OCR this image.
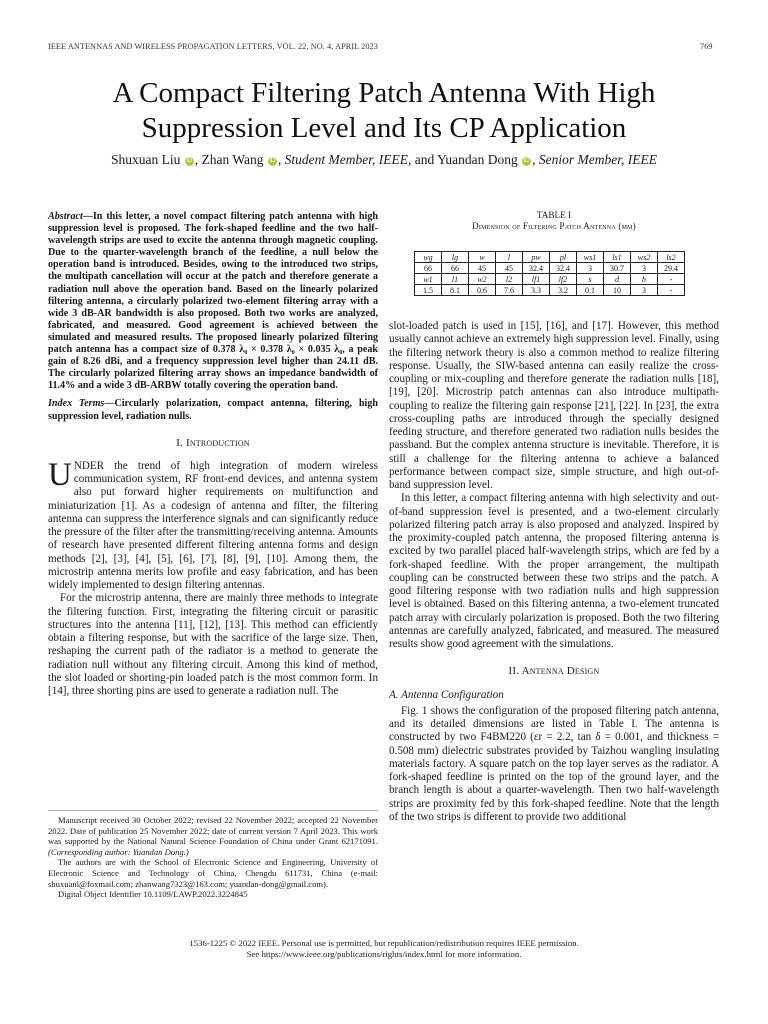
IEEE ANTENNAS AND WIRELESS PROPAGATION LETTERS, VOL. 22, NO. 4, APRIL 2023	769
A Compact Filtering Patch Antenna With High Suppression Level and Its CP Application
Shuxuan Liu iD , Zhan Wang iD , Student Member, IEEE, and Yuandan Dong iD , Senior Member, IEEE
Abstract—In this letter, a novel compact filtering patch antenna with high suppression level is proposed. The fork-shaped feedline and the two half-wavelength strips are used to excite the antenna through magnetic coupling. Due to the quarter-wavelength branch of the feedline, a null below the operation band is introduced. Besides, owing to the introduced two strips, the multipath cancellation will occur at the patch and therefore generate a radiation null above the operation band. Based on the linearly polarized filtering antenna, a circularly polarized two-element filtering array with a wide 3 dB-AR bandwidth is also proposed. Both two works are analyzed, fabricated, and measured. Good agreement is achieved between the simulated and measured results. The proposed linearly polarized filtering patch antenna has a compact size of 0.378 λ₀ × 0.378 λ₀ × 0.035 λ₀, a peak gain of 8.26 dBi, and a frequency suppression level higher than 24.11 dB. The circularly polarized filtering array shows an impedance bandwidth of 11.4% and a wide 3 dB-ARBW totally covering the operation band.
Index Terms—Circularly polarization, compact antenna, filtering, high suppression level, radiation nulls.
I. Introduction

UNDER the trend of high integration of modern wireless communication system, RF front-end devices, and antenna system also put forward higher requirements on multifunction and miniaturization [1]. As a codesign of antenna and filter, the filtering antenna can suppress the interference signals and can significantly reduce the pressure of the filter after the transmitting/receiving antenna. Amounts of research have presented different filtering antenna forms and design methods [2], [3], [4], [5], [6], [7], [8], [9], [10]. Among them, the microstrip antenna merits low profile and easy fabrication, and has been widely implemented to design filtering antennas.

For the microstrip antenna, there are mainly three methods to integrate the filtering function. First, integrating the filtering circuit or parasitic structures into the antenna [11], [12], [13]. This method can efficiently obtain a filtering response, but with the sacrifice of the large size. Then, reshaping the current path of the radiator is a method to generate the radiation null without any filtering circuit. Among this kind of method, the slot loaded or shorting-pin loaded patch is the most common form. In [14], three shorting pins are used to generate a radiation null. The

Manuscript received 30 October 2022; revised 22 November 2022; accepted 22 November 2022. Date of publication 25 November 2022; date of current version 7 April 2023. This work was supported by the National Natural Science Foundation of China under Grant 62171091. (Corresponding author: Yuandan Dong.)

The authors are with the School of Electronic Science and Engineering, University of Electronic Science and Technology of China, Chengdu 611731, China (e-mail: shuxuanl@foxmail.com; zhanwang7323@163.com; yuandan-dong@gmail.com).

Digital Object Identifier 10.1109/LAWP.2022.3224845

TABLE I
Dimension of Filtering Patch Antenna (mm)
wg	lg	w	l	pw	pl	ws1	ls1	ws2	ls2
66	66	45	45	32.4	32.4	3	30.7	3	29.4
w1	l1	w2	l2	lf1	lf2	s	d	h	-
1.5	8.1	0.6	7.6	3.3	3.2	0.1	10	3	-

slot-loaded patch is used in [15], [16], and [17]. However, this method usually cannot achieve an extremely high suppression level. Finally, using the filtering network theory is also a common method to realize filtering response. Usually, the SIW-based antenna can easily realize the cross-coupling or mix-coupling and therefore generate the radiation nulls [18], [19], [20]. Microstrip patch antennas can also introduce multipath-coupling to realize the filtering gain response [21], [22]. In [23], the extra cross-coupling paths are introduced through the specially designed feeding structure, and therefore generated two radiation nulls besides the passband. But the complex antenna structure is inevitable. Therefore, it is still a challenge for the filtering antenna to achieve a balanced performance between compact size, simple structure, and high out-of-band suppression level.

In this letter, a compact filtering antenna with high selectivity and out-of-band suppression level is presented, and a two-element circularly polarized filtering patch array is also proposed and analyzed. Inspired by the proximity-coupled patch antenna, the proposed filtering antenna is excited by two parallel placed half-wavelength strips, which are fed by a fork-shaped feedline. With the proper arrangement, the multipath coupling can be constructed between these two strips and the patch. A good filtering response with two radiation nulls and high suppression level is obtained. Based on this filtering antenna, a two-element truncated patch array with circularly polarization is proposed. Both the two filtering antennas are carefully analyzed, fabricated, and measured. The measured results show good agreement with the simulations.

II. Antenna Design
A. Antenna Configuration

Fig. 1 shows the configuration of the proposed filtering patch antenna, and its detailed dimensions are listed in Table I. The antenna is constructed by two F4BM220 (εr = 2.2, tan δ = 0.001, and thickness = 0.508 mm) dielectric substrates provided by Taizhou wangling insulating materials factory. A square patch on the top layer serves as the radiator. A fork-shaped feedline is printed on the top of the ground layer, and the branch length is about a quarter-wavelength. Then two half-wavelength strips are proximity fed by this fork-shaped feedline. Note that the length of the two strips is different to provide two additional

1536-1225 © 2022 IEEE. Personal use is permitted, but republication/redistribution requires IEEE permission.
See https://www.ieee.org/publications/rights/index.html for more information.
